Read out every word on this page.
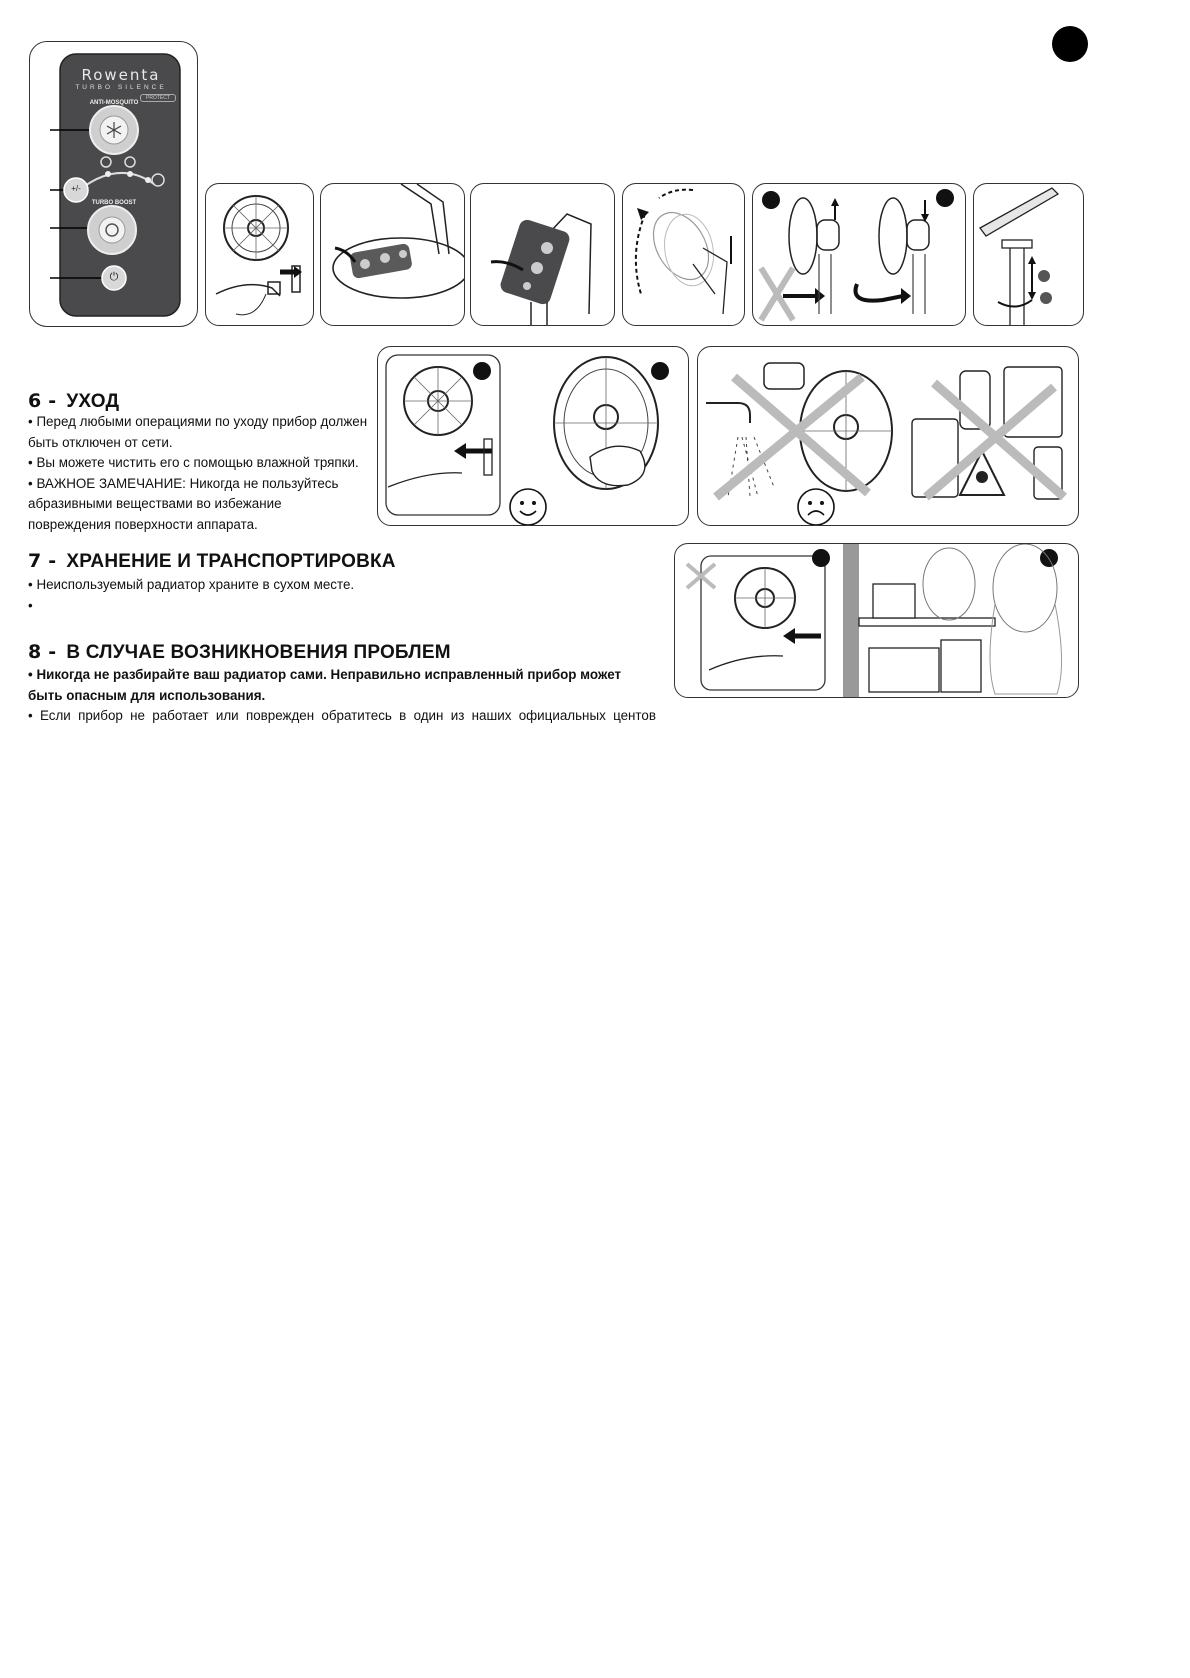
Rowenta
TURBO SILENCE
PROTECT
ANTI-MOSQUITO
+/-
TURBO BOOST
⏻
6 - УХОД

• Перед любыми операциями по уходу прибор должен быть отключен от сети.

• Вы можете чистить его с помощью влажной тряпки.

• ВАЖНОЕ ЗАМЕЧАНИЕ: Никогда не пользуйтесь абразивными веществами во избежание повреждения поверхности аппарата.

7 - ХРАНЕНИЕ И ТРАНСПОРТИРОВКА

• Неиспользуемый радиатор храните в сухом месте.

•

8 - В СЛУЧАЕ ВОЗНИКНОВЕНИЯ ПРОБЛЕМ

• Никогда не разбирайте ваш радиатор сами. Неправильно исправленный прибор может быть опасным для использования.

• Если прибор не работает или поврежден обратитесь в один из наших официальных центов
